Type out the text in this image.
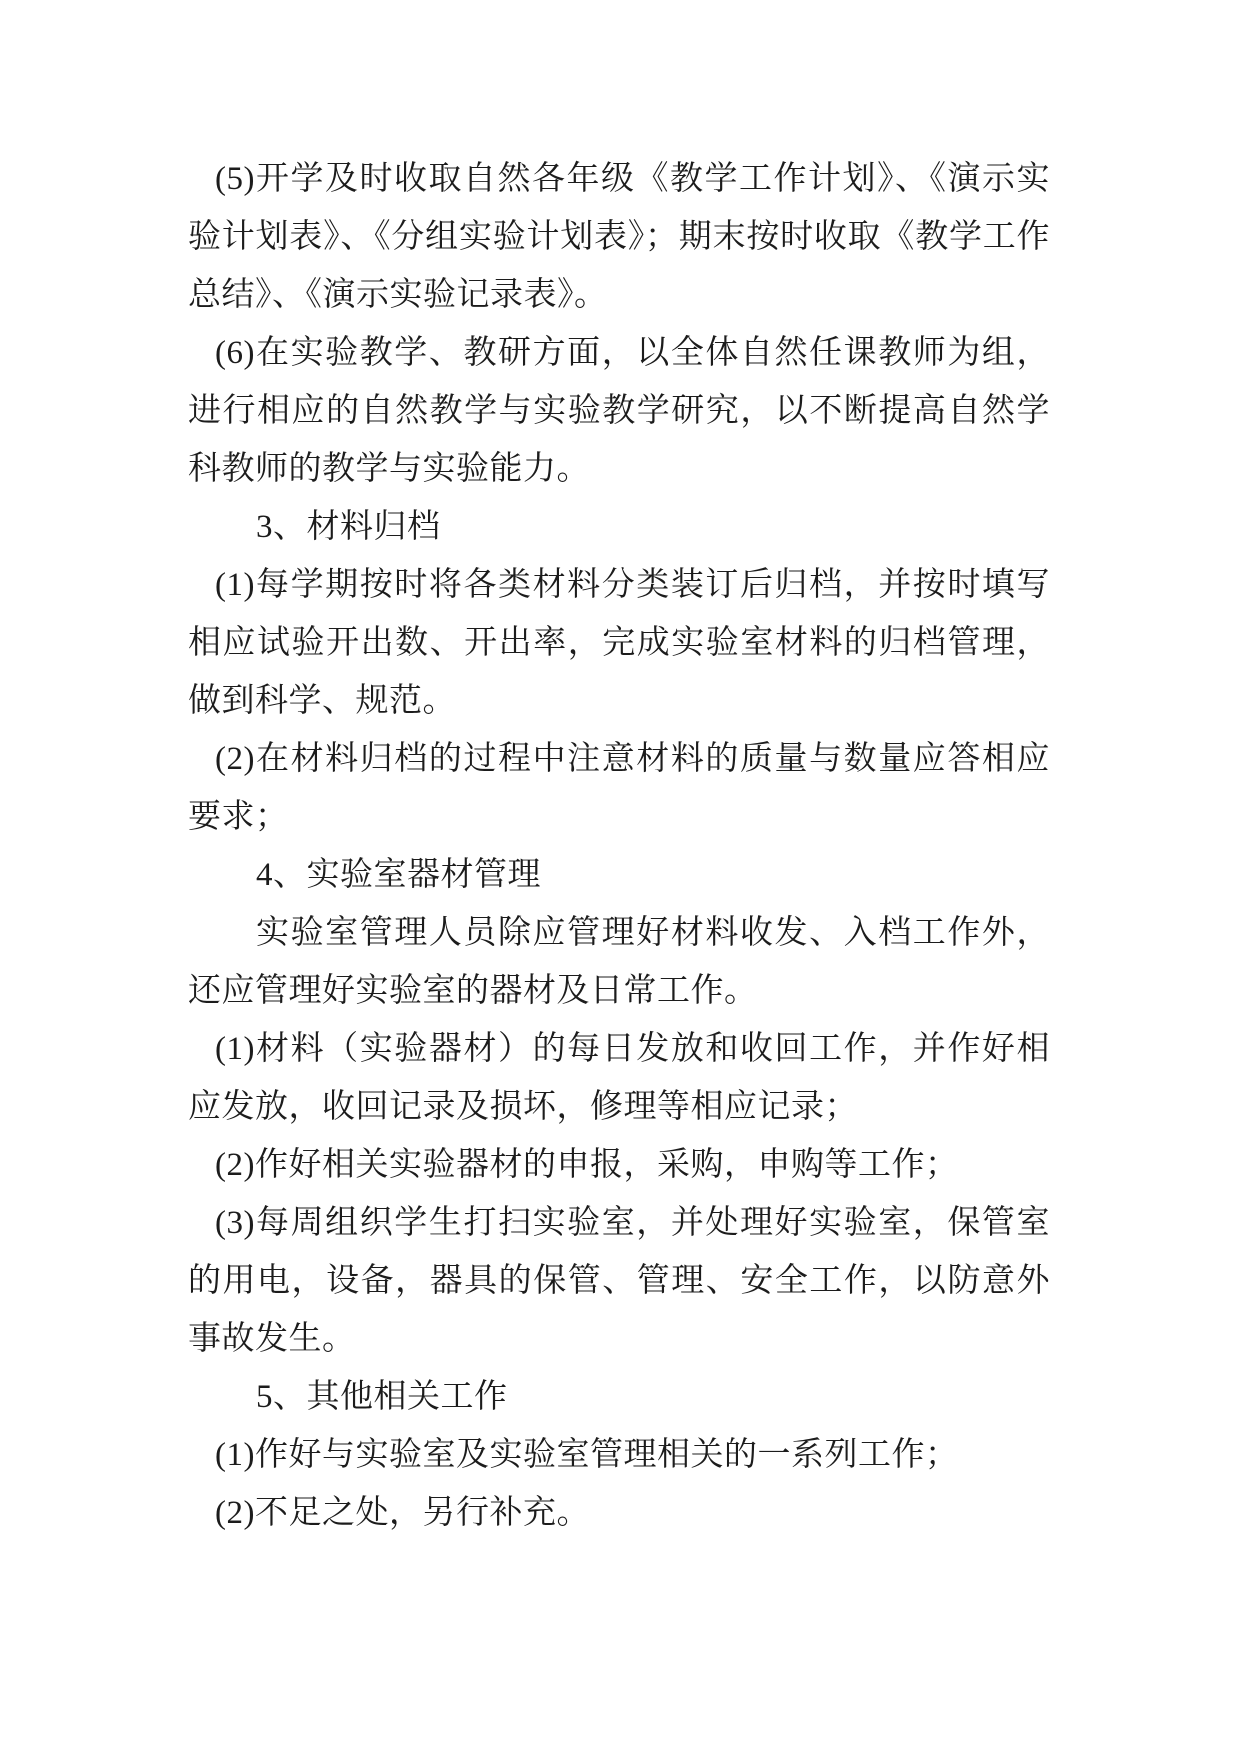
(5)开学及时收取自然各年级《教学工作计划》、《演示实验计划表》、《分组实验计划表》；期末按时收取《教学工作总结》、《演示实验记录表》。

(6)在实验教学、教研方面，以全体自然任课教师为组，进行相应的自然教学与实验教学研究，以不断提高自然学科教师的教学与实验能力。

3、材料归档

(1)每学期按时将各类材料分类装订后归档，并按时填写相应试验开出数、开出率，完成实验室材料的归档管理，做到科学、规范。

(2)在材料归档的过程中注意材料的质量与数量应答相应要求；

4、实验室器材管理

实验室管理人员除应管理好材料收发、入档工作外，还应管理好实验室的器材及日常工作。

(1)材料（实验器材）的每日发放和收回工作，并作好相应发放，收回记录及损坏，修理等相应记录；

(2)作好相关实验器材的申报，采购，申购等工作；

(3)每周组织学生打扫实验室，并处理好实验室，保管室的用电，设备，器具的保管、管理、安全工作，以防意外事故发生。

5、其他相关工作

(1)作好与实验室及实验室管理相关的一系列工作；

(2)不足之处，另行补充。
